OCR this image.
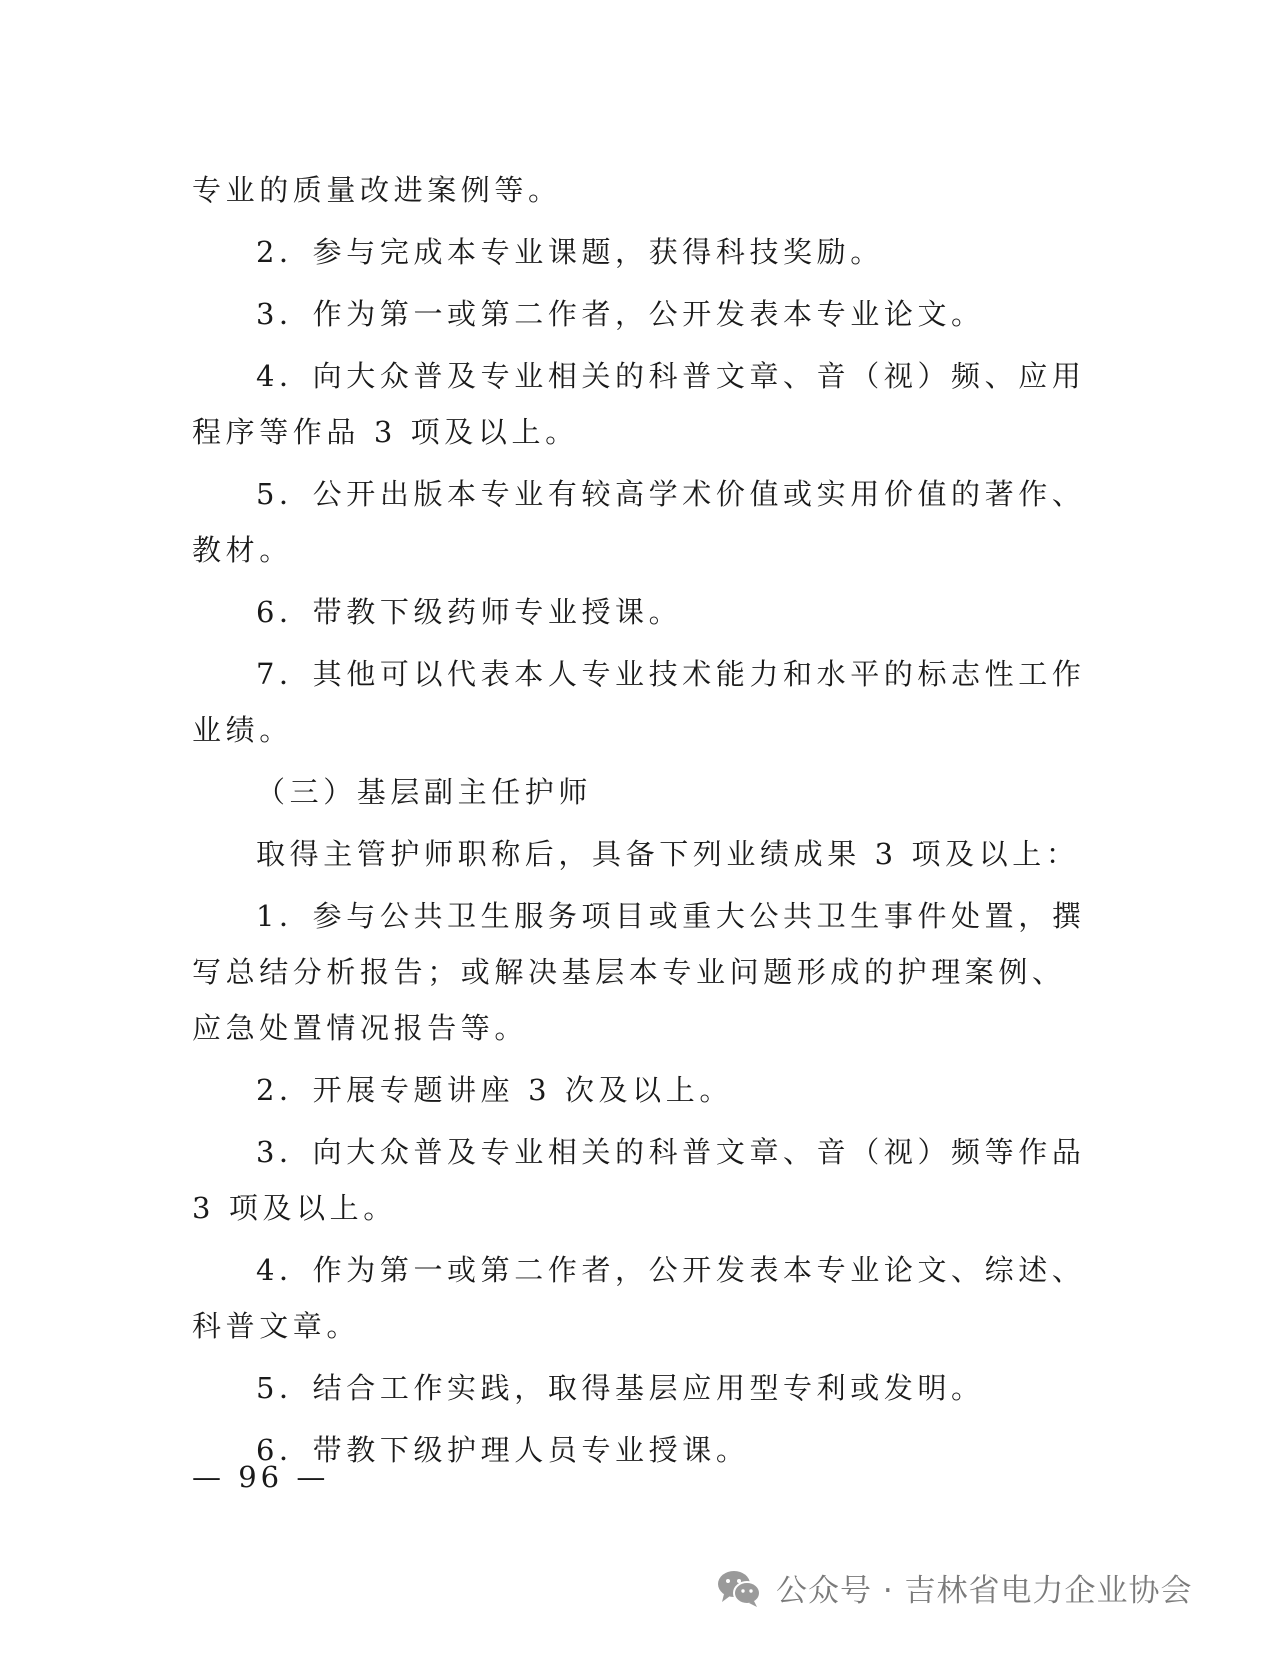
专业的质量改进案例等。

2．参与完成本专业课题，获得科技奖励。

3．作为第一或第二作者，公开发表本专业论文。

4．向大众普及专业相关的科普文章、音（视）频、应用程序等作品 3 项及以上。

5．公开出版本专业有较高学术价值或实用价值的著作、教材。

6．带教下级药师专业授课。

7．其他可以代表本人专业技术能力和水平的标志性工作业绩。

（三）基层副主任护师

取得主管护师职称后，具备下列业绩成果 3 项及以上：

1．参与公共卫生服务项目或重大公共卫生事件处置，撰写总结分析报告；或解决基层本专业问题形成的护理案例、应急处置情况报告等。

2．开展专题讲座 3 次及以上。

3．向大众普及专业相关的科普文章、音（视）频等作品 3 项及以上。

4．作为第一或第二作者，公开发表本专业论文、综述、科普文章。

5．结合工作实践，取得基层应用型专利或发明。

6．带教下级护理人员专业授课。

— 96 —
公众号 · 吉林省电力企业协会
